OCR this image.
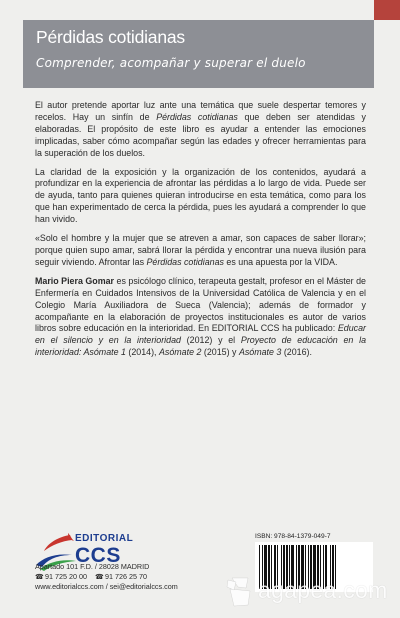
Pérdidas cotidianas
Comprender, acompañar y superar el duelo

El autor pretende aportar luz ante una temática que suele despertar temores y recelos. Hay un sinfín de Pérdidas cotidianas que deben ser atendidas y elaboradas. El propósito de este libro es ayudar a entender las emociones implicadas, saber cómo acompañar según las edades y ofrecer herramientas para la superación de los duelos.

La claridad de la exposición y la organización de los contenidos, ayudará a profundizar en la experiencia de afrontar las pérdidas a lo largo de vida. Puede ser de ayuda, tanto para quienes quieran introducirse en esta temática, como para los que han experimentado de cerca la pérdida, pues les ayudará a comprender lo que han vivido.

«Solo el hombre y la mujer que se atreven a amar, son capaces de saber llorar»; porque quien supo amar, sabrá llorar la pérdida y encontrar una nueva ilusión para seguir viviendo. Afrontar las Pérdidas cotidianas es una apuesta por la VIDA.

Mario Piera Gomar es psicólogo clínico, terapeuta gestalt, profesor en el Máster de Enfermería en Cuidados Intensivos de la Universidad Católica de Valencia y en el Colegio María Auxiliadora de Sueca (Valencia); además de formador y acompañante en la elaboración de proyectos institucionales es autor de varios libros sobre educación en la interioridad. En EDITORIAL CCS ha publicado: Educar en el silencio y en la interioridad (2012) y el Proyecto de educación en la interioridad: Asómate 1 (2014), Asómate 2 (2015) y Asómate 3 (2016).

EDITORIAL
CCS
Apartado 101 F.D. / 28028 MADRID
☎ 91 725 20 00 ☎ 91 726 25 70
www.editorialccs.com / sei@editorialccs.com
ISBN: 978-84-1379-049-7
agapea.com
